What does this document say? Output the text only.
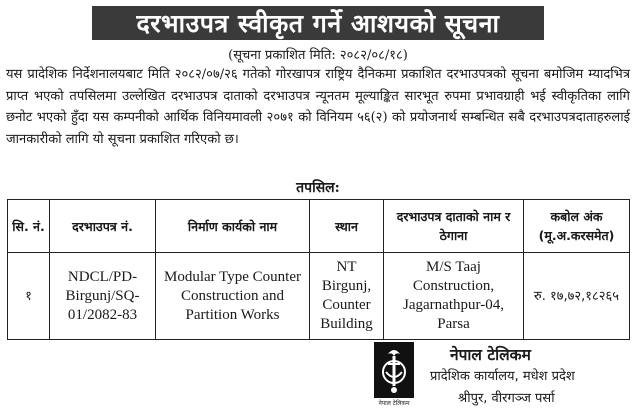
दरभाउपत्र स्वीकृत गर्ने आशयको सूचना
(सूचना प्रकाशित मिति: २०८२/०८/१८)
यस प्रादेशिक निर्देशनालयबाट मिति २०८२/०७/२६ गतेको गोरखापत्र राष्ट्रिय दैनिकमा प्रकाशित दरभाउपत्रको सूचना बमोजिम म्यादभित्र प्राप्त भएको तपसिलमा उल्लेखित दरभाउपत्र दाताको दरभाउपत्र न्यूनतम मूल्याङ्कित सारभूत रुपमा प्रभावग्राही भई स्वीकृतिका लागि छनोट भएको हुँदा यस कम्पनीको आर्थिक विनियमावली २०७१ को विनियम ५६(२) को प्रयोजनार्थ सम्बन्धित सबै दरभाउपत्रदाताहरुलाई जानकारीको लागि यो सूचना प्रकाशित गरिएको छ।
तपसिल:
सि. नं.	दरभाउपत्र नं.	निर्माण कार्यको नाम	स्थान	दरभाउपत्र दाताको नाम र ठेगाना	कबोल अंक (मू.अ.करसमेत)
१	NDCL/PD-Birgunj/SQ-01/2082-83	Modular Type Counter Construction and Partition Works	NT Birgunj, Counter Building	M/S Taaj Construction, Jagarnathpur-04, Parsa	रु. १७,७२,१८२६५
नेपाल टेलिकम
नेपाल टेलिकम
प्रादेशिक कार्यालय, मधेश प्रदेश
श्रीपुर, वीरगञ्ज पर्सा
